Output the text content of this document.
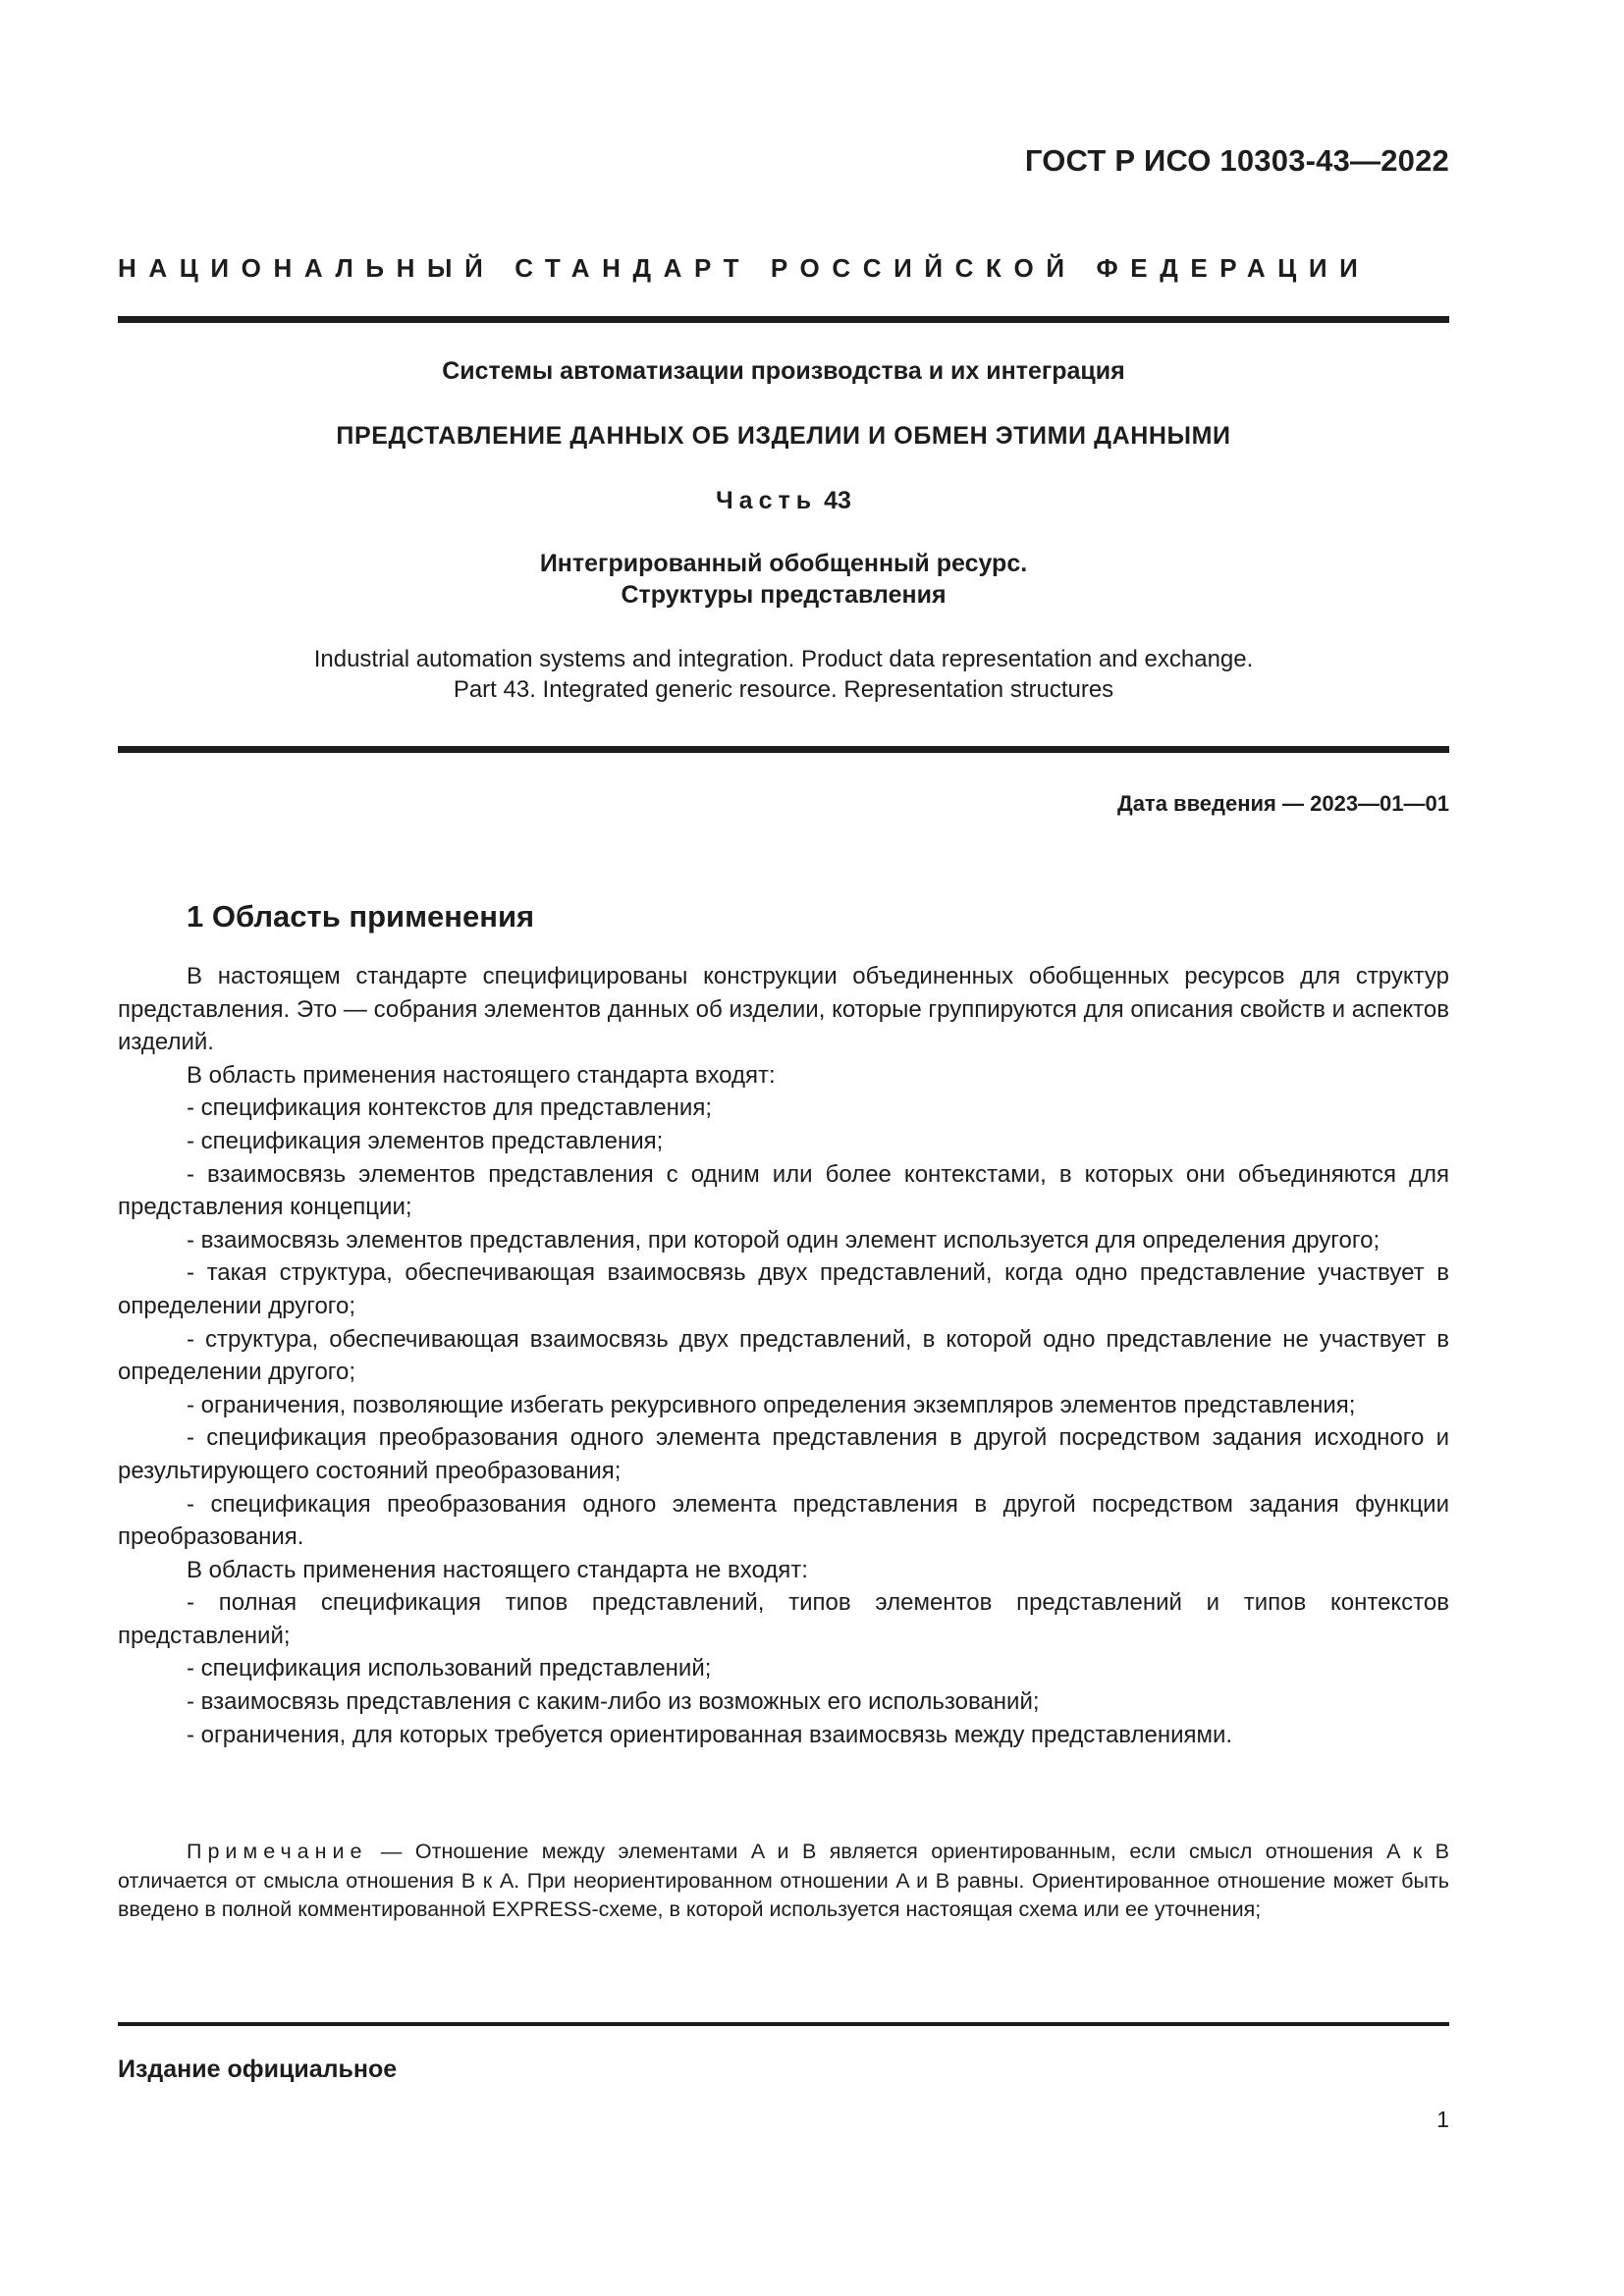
ГОСТ Р ИСО 10303-43—2022
НАЦИОНАЛЬНЫЙ СТАНДАРТ РОССИЙСКОЙ ФЕДЕРАЦИИ
Системы автоматизации производства и их интеграция
ПРЕДСТАВЛЕНИЕ ДАННЫХ ОБ ИЗДЕЛИИ И ОБМЕН ЭТИМИ ДАННЫМИ
Часть 43
Интегрированный обобщенный ресурс.
Структуры представления
Industrial automation systems and integration. Product data representation and exchange.
Part 43. Integrated generic resource. Representation structures
Дата введения — 2023—01—01
1 Область применения

В настоящем стандарте специфицированы конструкции объединенных обобщенных ресурсов для структур представления. Это — собрания элементов данных об изделии, которые группируются для описания свойств и аспектов изделий.

В область применения настоящего стандарта входят:

- спецификация контекстов для представления;

- спецификация элементов представления;

- взаимосвязь элементов представления с одним или более контекстами, в которых они объединяются для представления концепции;

- взаимосвязь элементов представления, при которой один элемент используется для определения другого;

- такая структура, обеспечивающая взаимосвязь двух представлений, когда одно представление участвует в определении другого;

- структура, обеспечивающая взаимосвязь двух представлений, в которой одно представление не участвует в определении другого;

- ограничения, позволяющие избегать рекурсивного определения экземпляров элементов представления;

- спецификация преобразования одного элемента представления в другой посредством задания исходного и результирующего состояний преобразования;

- спецификация преобразования одного элемента представления в другой посредством задания функции преобразования.

В область применения настоящего стандарта не входят:

- полная спецификация типов представлений, типов элементов представлений и типов контекстов представлений;

- спецификация использований представлений;

- взаимосвязь представления с каким-либо из возможных его использований;

- ограничения, для которых требуется ориентированная взаимосвязь между представлениями.

Примечание — Отношение между элементами A и B является ориентированным, если смысл отношения A к B отличается от смысла отношения B к A. При неориентированном отношении A и B равны. Ориентированное отношение может быть введено в полной комментированной EXPRESS-схеме, в которой используется настоящая схема или ее уточнения;

Издание официальное
1
